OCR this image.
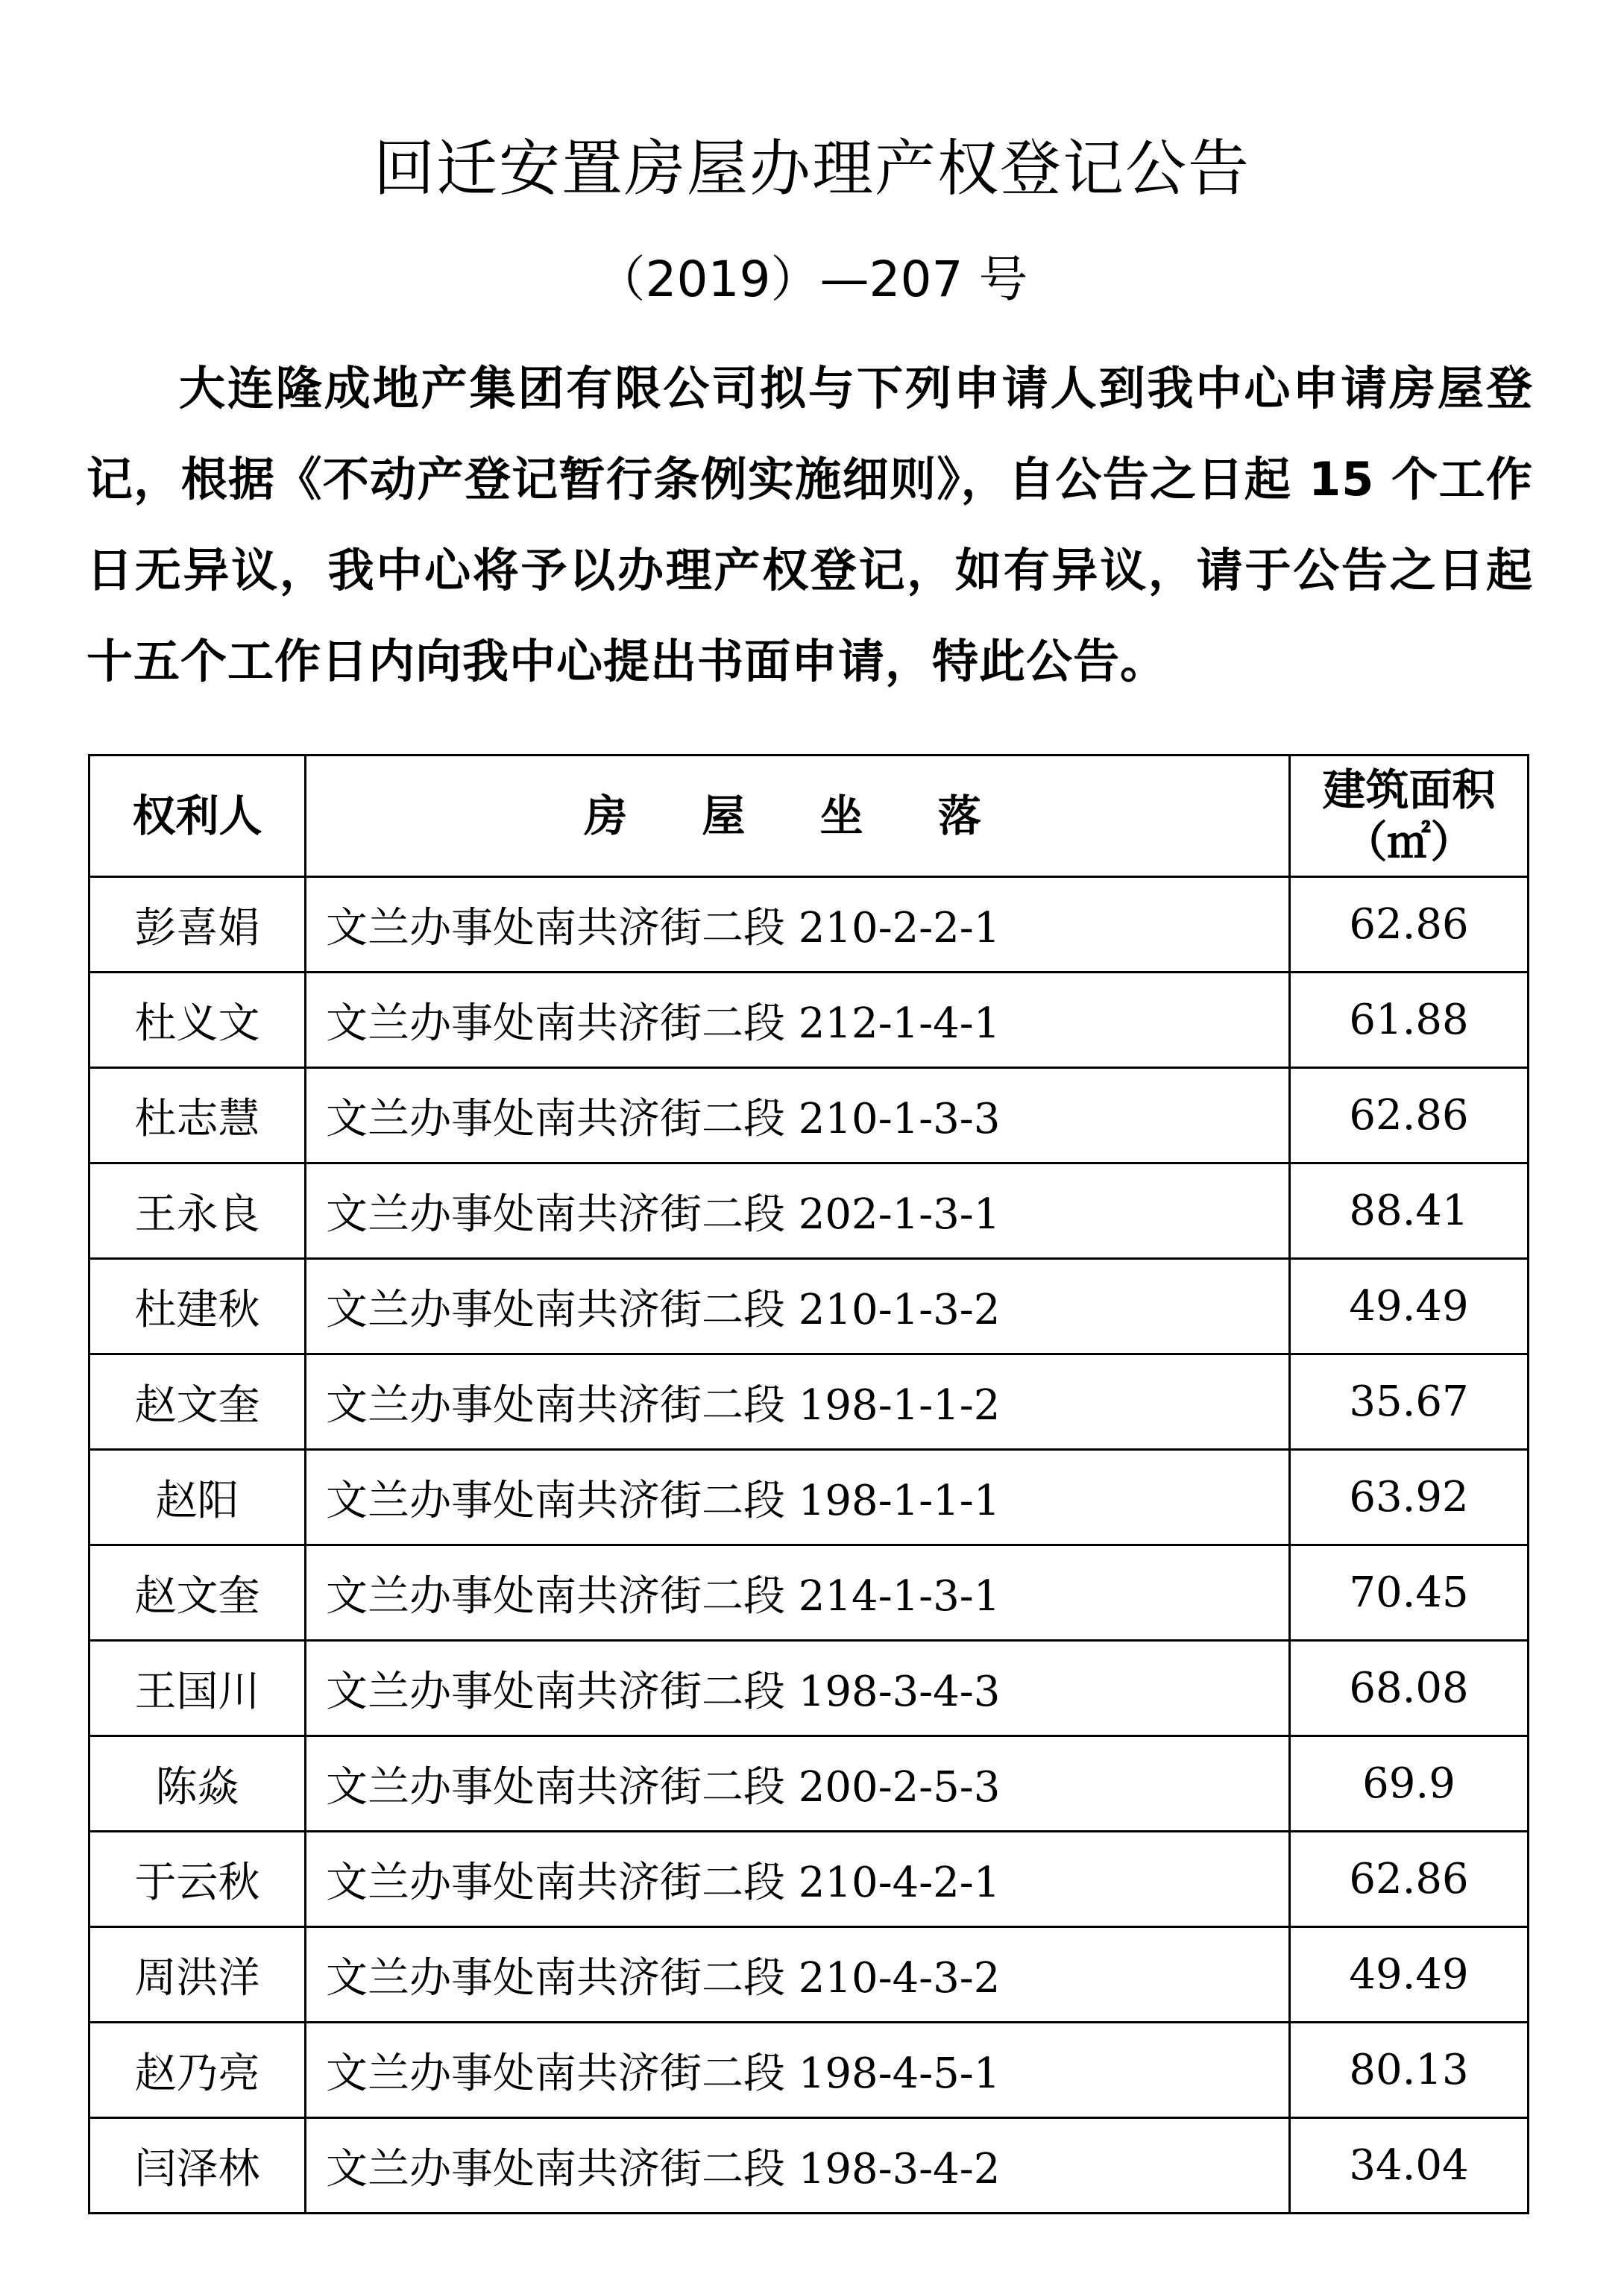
回迁安置房屋办理产权登记公告
（2019）—207 号

大连隆成地产集团有限公司拟与下列申请人到我中心申请房屋登记，根据《不动产登记暂行条例实施细则》，自公告之日起 15 个工作日无异议，我中心将予以办理产权登记，如有异议，请于公告之日起十五个工作日内向我中心提出书面申请，特此公告。

权利人	房 屋 坐 落	建筑面积
（㎡）

彭喜娟	文兰办事处南共济街二段 210-2-2-1	62.86
杜义文	文兰办事处南共济街二段 212-1-4-1	61.88
杜志慧	文兰办事处南共济街二段 210-1-3-3	62.86
王永良	文兰办事处南共济街二段 202-1-3-1	88.41
杜建秋	文兰办事处南共济街二段 210-1-3-2	49.49
赵文奎	文兰办事处南共济街二段 198-1-1-2	35.67
赵阳	文兰办事处南共济街二段 198-1-1-1	63.92
赵文奎	文兰办事处南共济街二段 214-1-3-1	70.45
王国川	文兰办事处南共济街二段 198-3-4-3	68.08
陈焱	文兰办事处南共济街二段 200-2-5-3	69.9
于云秋	文兰办事处南共济街二段 210-4-2-1	62.86
周洪洋	文兰办事处南共济街二段 210-4-3-2	49.49
赵乃亮	文兰办事处南共济街二段 198-4-5-1	80.13
闫泽林	文兰办事处南共济街二段 198-3-4-2	34.04
